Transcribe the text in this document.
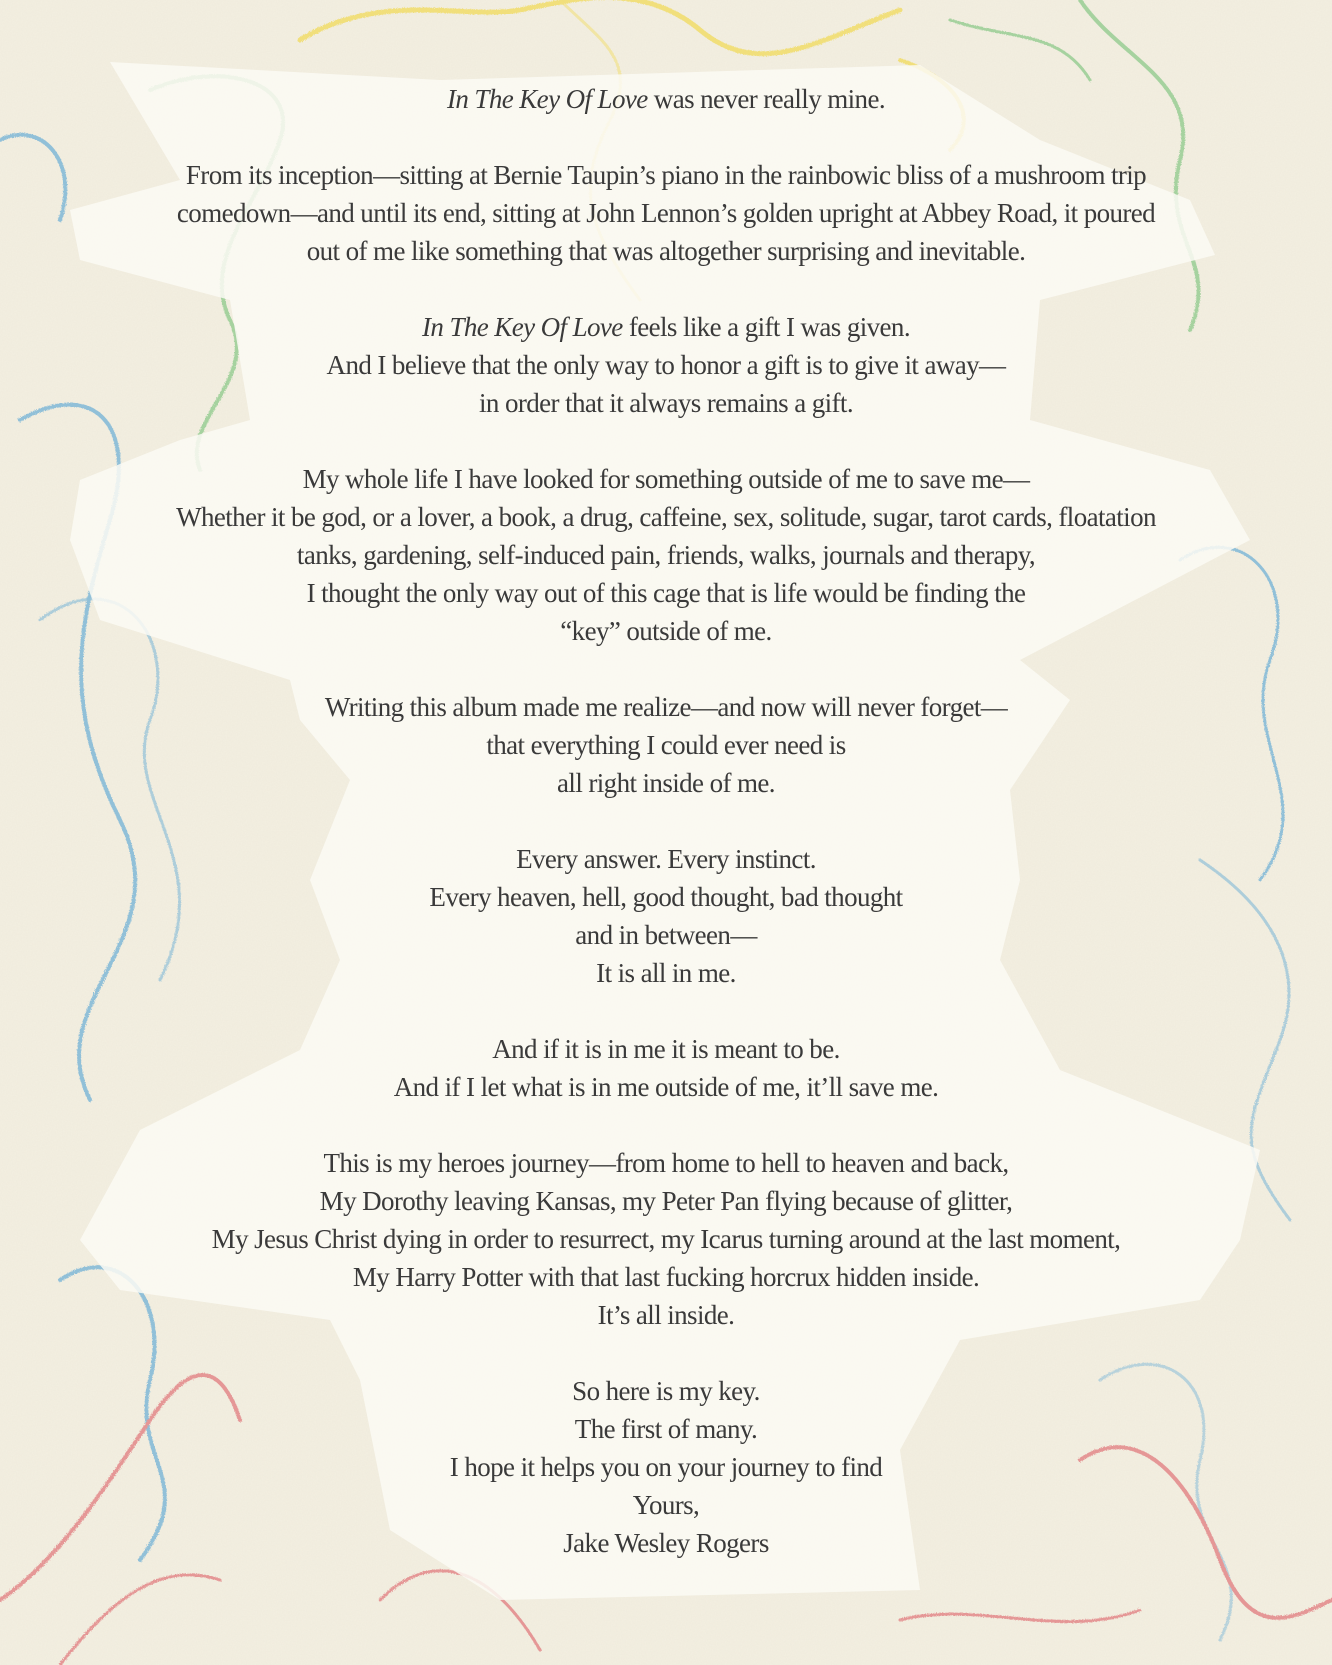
In The Key Of Love was never really mine.
From its inception—sitting at Bernie Taupin’s piano in the rainbowic bliss of a mushroom trip
comedown—and until its end, sitting at John Lennon’s golden upright at Abbey Road, it poured
out of me like something that was altogether surprising and inevitable.
In The Key Of Love feels like a gift I was given.
And I believe that the only way to honor a gift is to give it away—
in order that it always remains a gift.
My whole life I have looked for something outside of me to save me—
Whether it be god, or a lover, a book, a drug, caffeine, sex, solitude, sugar, tarot cards, floatation
tanks, gardening, self-induced pain, friends, walks, journals and therapy,
I thought the only way out of this cage that is life would be finding the
“key” outside of me.
Writing this album made me realize—and now will never forget—
that everything I could ever need is
all right inside of me.
Every answer. Every instinct.
Every heaven, hell, good thought, bad thought
and in between—
It is all in me.
And if it is in me it is meant to be.
And if I let what is in me outside of me, it’ll save me.
This is my heroes journey—from home to hell to heaven and back,
My Dorothy leaving Kansas, my Peter Pan flying because of glitter,
My Jesus Christ dying in order to resurrect, my Icarus turning around at the last moment,
My Harry Potter with that last fucking horcrux hidden inside.
It’s all inside.
So here is my key.
The first of many.
I hope it helps you on your journey to find
Yours,
Jake Wesley Rogers
